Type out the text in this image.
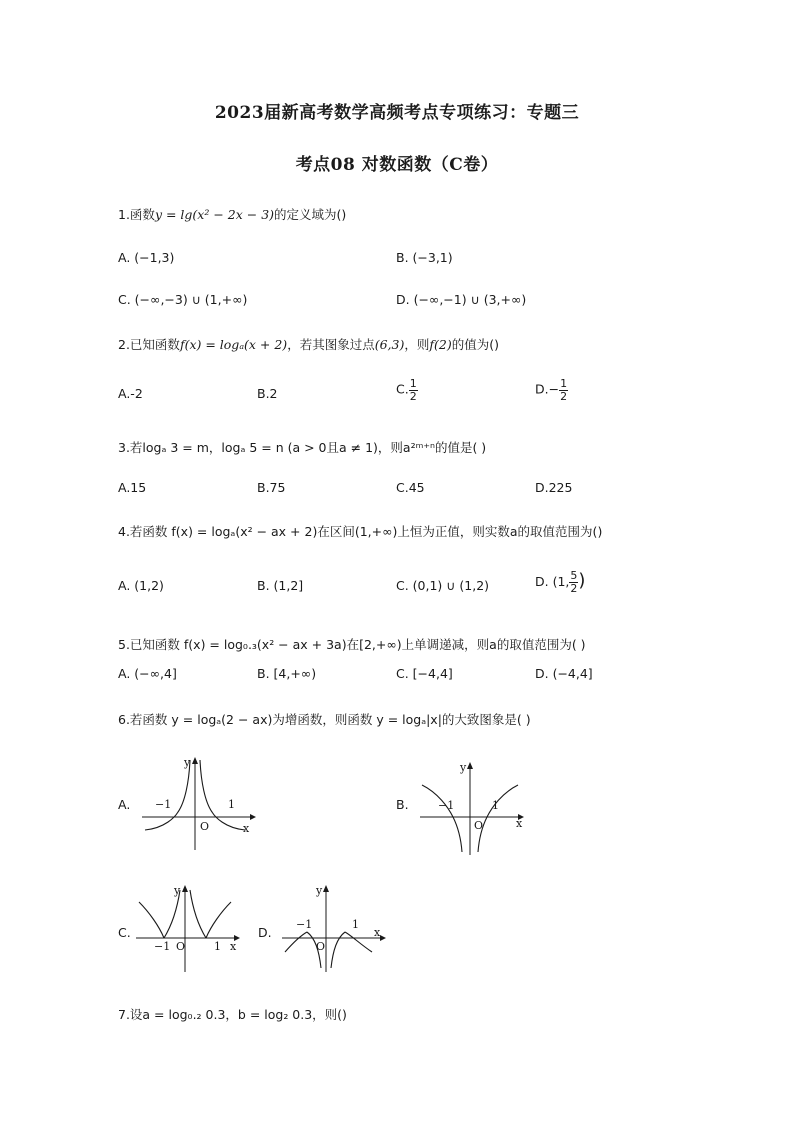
2023届新高考数学高频考点专项练习：专题三
考点08 对数函数（C卷）
1.函数y = lg(x² − 2x − 3)的定义域为()
A. (−1,3)	B. (−3,1)
C. (−∞,−3) ∪ (1,+∞)	D. (−∞,−1) ∪ (3,+∞)
2.已知函数f(x) = logₐ(x + 2)，若其图象过点(6,3)，则f(2)的值为()
A.-2	B.2	C. $\frac{1}{2}$	$D.- \frac{1}{2}$
3.若logₐ 3 = m，logₐ 5 = n (a > 0且a ≠ 1)，则a²ᵐ⁺ⁿ的值是( )
A.15	B.75	C.45	D.225
4.若函数 f(x) = logₐ(x² − ax + 2)在区间(1,+∞)上恒为正值，则实数a的取值范围为()
A. (1,2)	B. (1,2]	C. (0,1) ∪ (1,2)	D. (1, $\frac{5}{2}$ )
5.已知函数 f(x) = log₀.₃(x² − ax + 3a)在[2,+∞)上单调递减，则a的取值范围为( )
A. (−∞,4]	B. [4,+∞)	C. [−4,4]	D. (−4,4]
6.若函数 y = logₐ(2 − ax)为增函数，则函数 y = logₐ|x|的大致图象是( )
A. −1	1
y
O	x
B.	−1	1
y
O	x
C.
−1	1
y
O	x
D.
−1	1
y
O
x
7.设a = log₀.₂ 0.3，b = log₂ 0.3，则()
